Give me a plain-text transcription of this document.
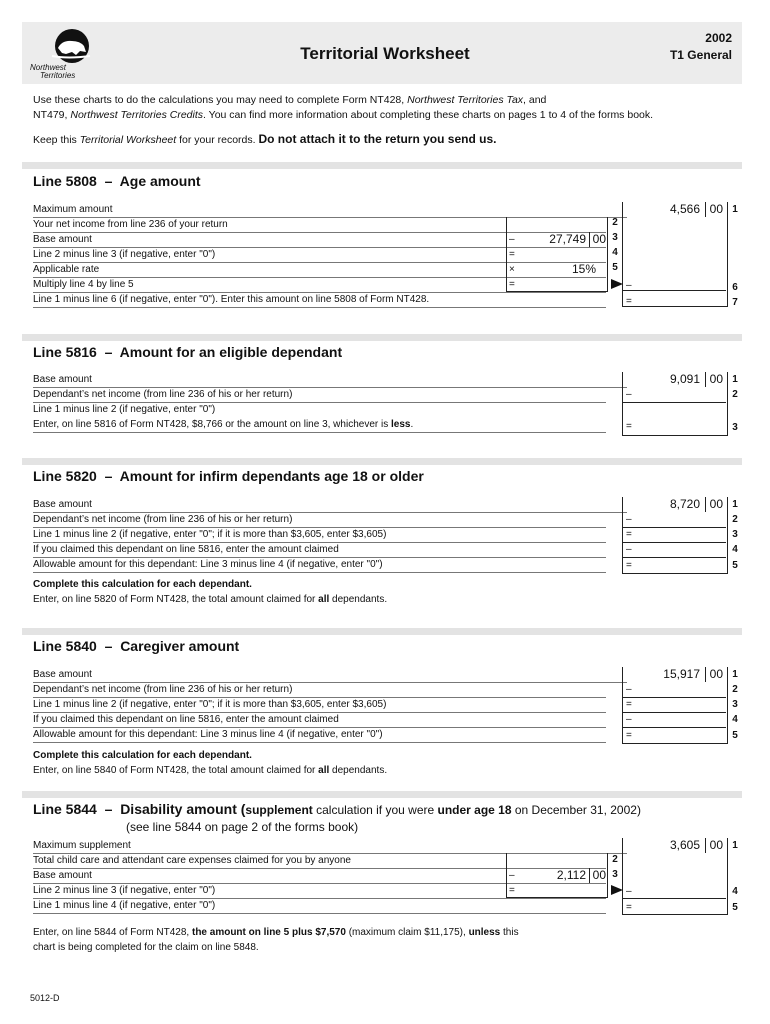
Northwest
Territories
Territorial Worksheet
2002
T1 General
Use these charts to do the calculations you may need to complete Form NT428, Northwest Territories Tax, and
NT479, Northwest Territories Credits. You can find more information about completing these charts on pages 1 to 4 of the forms book.
Keep this Territorial Worksheet for your records. Do not attach it to the return you send us.
Line 5808 –  Age amount
Maximum amount
Your net income from line 236 of your return
Base amount
Line 2 minus line 3 (if negative, enter "0")
Applicable rate
Multiply line 4 by line 5
Line 1 minus line 6 (if negative, enter "0"). Enter this amount on line 5808 of Form NT428.
27,749 00
15%
–
=
×
=
2
3
4
5
4,566 00
–
=
1
6
7
Line 5816  –  Amount for an eligible dependant
Base amount
Dependant’s net income (from line 236 of his or her return)
Line 1 minus line 2 (if negative, enter "0")
Enter, on line 5816 of Form NT428, $8,766 or the amount on line 3, whichever is less.
9,091 00
–
=
1
2
3
Line 5820  –  Amount for infirm dependants age 18 or older
Base amount
Dependant’s net income (from line 236 of his or her return)
Line 1 minus line 2 (if negative, enter "0"; if it is more than $3,605, enter $3,605)
If you claimed this dependant on line 5816, enter the amount claimed
Allowable amount for this dependant: Line 3 minus line 4 (if negative, enter "0")
8,720 00
–
=
–
=
1
2
3
4
5
Complete this calculation for each dependant.
Enter, on line 5820 of Form NT428, the total amount claimed for all dependants.
Line 5840  –  Caregiver amount
Base amount
Dependant’s net income (from line 236 of his or her return)
Line 1 minus line 2 (if negative, enter "0"; if it is more than $3,605, enter $3,605)
If you claimed this dependant on line 5816, enter the amount claimed
Allowable amount for this dependant: Line 3 minus line 4 (if negative, enter "0")
15,917 00
–
=
–
=
1
2
3
4
5
Complete this calculation for each dependant.
Enter, on line 5840 of Form NT428, the total amount claimed for all dependants.
Line 5844  –  Disability amount (supplement calculation if you were under age 18 on December 31, 2002)
(see line 5844 on page 2 of the forms book)
Maximum supplement
Total child care and attendant care expenses claimed for you by anyone
Base amount
Line 2 minus line 3 (if negative, enter "0")
Line 1 minus line 4 (if negative, enter "0")
2,112 00
–
=
2
3
3,605 00
–
=
1
4
5
Enter, on line 5844 of Form NT428, the amount on line 5 plus $7,570 (maximum claim $11,175), unless this
chart is being completed for the claim on line 5848.
5012-D
